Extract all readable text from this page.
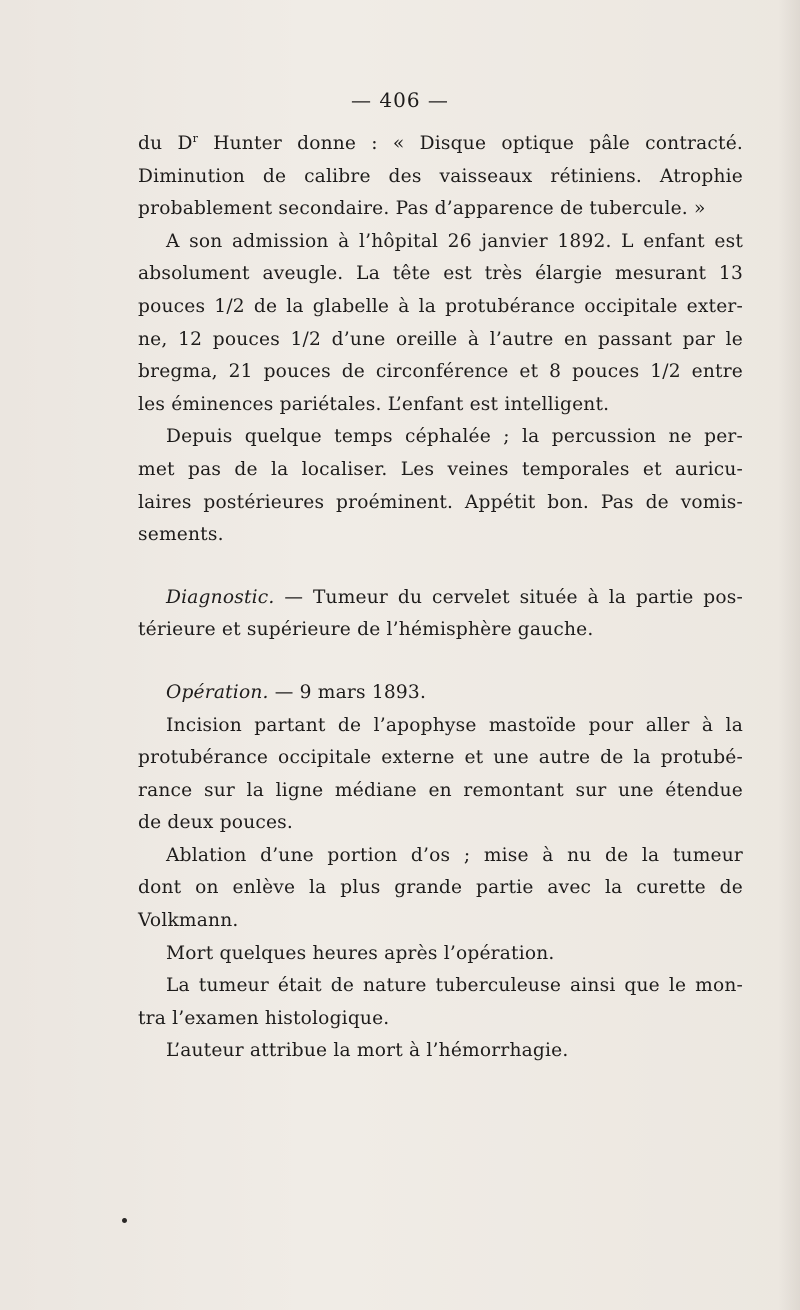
— 406 —
du $D^r$ Hunter donne : « Disque optique pâle contracté.
Diminution de calibre des vaisseaux rétiniens. Atrophie
probablement secondaire. Pas d’apparence de tubercule. »
A son admission à l’hôpital 26 janvier 1892. L enfant est
absolument aveugle. La tête est très élargie mesurant 13
pouces 1/2 de la glabelle à la protubérance occipitale exter-
ne, 12 pouces 1/2 d’une oreille à l’autre en passant par le
bregma, 21 pouces de circonférence et 8 pouces 1/2 entre
les éminences pariétales. L’enfant est intelligent.
Depuis quelque temps céphalée ; la percussion ne per-
met pas de la localiser. Les veines temporales et auricu-
laires postérieures proéminent. Appétit bon. Pas de vomis-
sements.
Diagnostic. — Tumeur du cervelet située à la partie pos-
térieure et supérieure de l’hémisphère gauche.
Opération. — 9 mars 1893.
Incision partant de l’apophyse mastoïde pour aller à la
protubérance occipitale externe et une autre de la protubé-
rance sur la ligne médiane en remontant sur une étendue
de deux pouces.
Ablation d’une portion d’os ; mise à nu de la tumeur
dont on enlève la plus grande partie avec la curette de
Volkmann.
Mort quelques heures après l’opération.
La tumeur était de nature tuberculeuse ainsi que le mon-
tra l’examen histologique.
L’auteur attribue la mort à l’hémorrhagie.
